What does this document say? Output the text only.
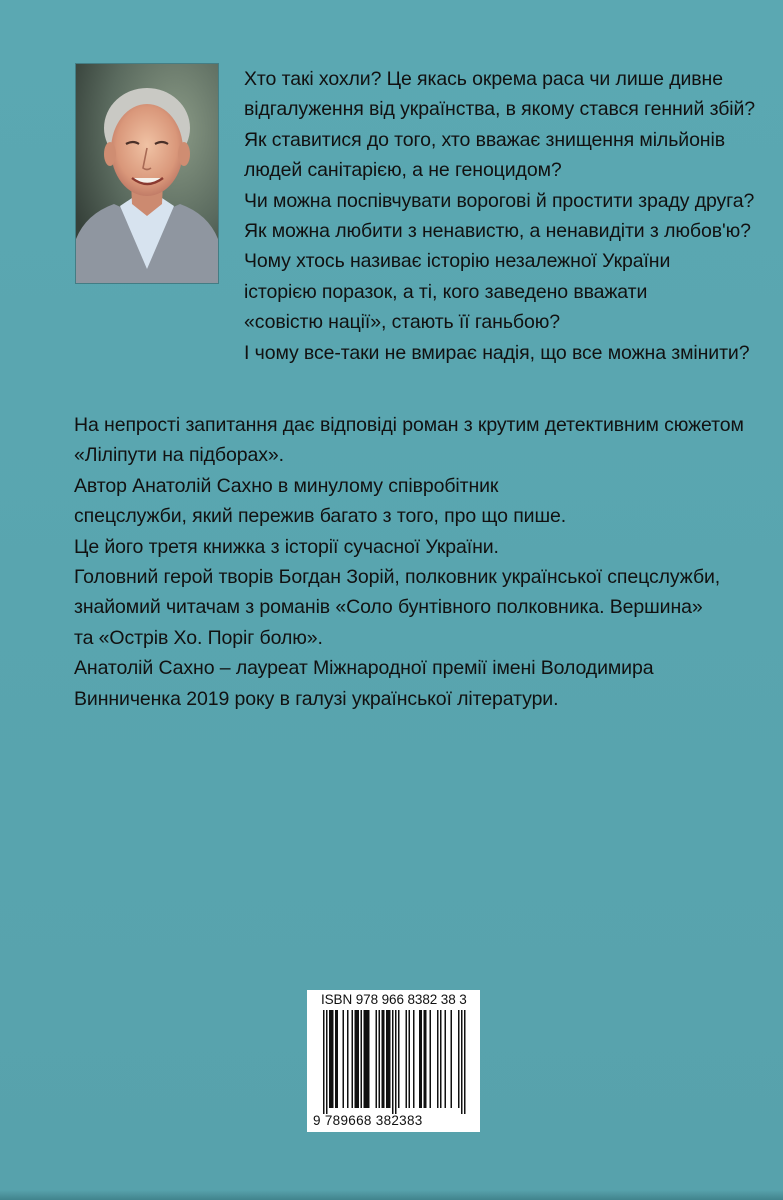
Хто такі хохли? Це якась окрема раса чи лише дивне
відгалуження від українства, в якому стався генний збій?
Як ставитися до того, хто вважає знищення мільйонів
людей санітарією, а не геноцидом?
Чи можна поспівчувати ворогові й простити зраду друга?
Як можна любити з ненавистю, а ненавидіти з любов'ю?
Чому хтось називає історію незалежної України
історією поразок, а ті, кого заведено вважати
«совістю нації», стають її ганьбою?
І чому все-таки не вмирає надія, що все можна змінити?
На непрості запитання дає відповіді роман з крутим детективним сюжетом
«Ліліпути на підборах».
Автор Анатолій Сахно в минулому співробітник
спецслужби, який пережив багато з того, про що пише.
Це його третя книжка з історії сучасної України.
Головний герой творів Богдан Зорій, полковник української спецслужби,
знайомий читачам з романів «Соло бунтівного полковника. Вершина»
та «Острів Хо. Поріг болю».
Анатолій Сахно – лауреат Міжнародної премії імені Володимира
Винниченка 2019 року в галузі української літератури.
ISBN 978 966 8382 38 3
9 789668 382383
